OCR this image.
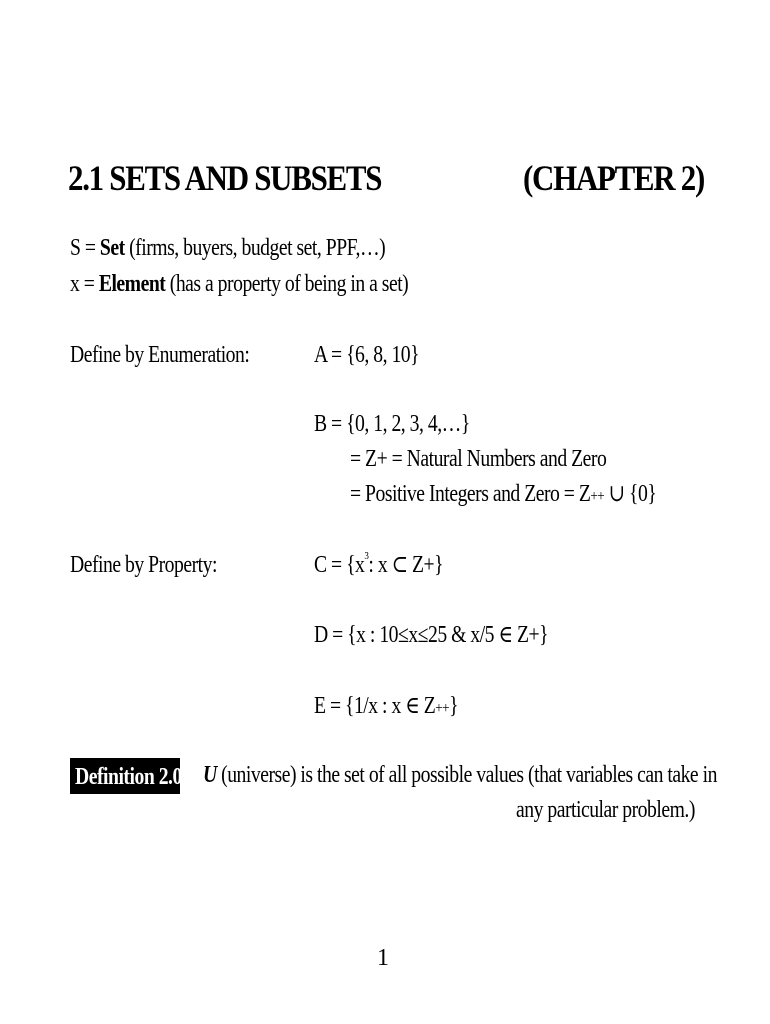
2.1 SETS AND SUBSETS	(CHAPTER 2)
S = Set (firms, buyers, budget set, PPF,…)
x = Element (has a property of being in a set)
Define by Enumeration:	A = {6, 8, 10}
B = {0, 1, 2, 3, 4,…}
= Z+ = Natural Numbers and Zero
= Positive Integers and Zero = Z++ ∪ {0}
Define by Property:	$C = \{x^3$: x ⊂ Z+}
D = {x : 10≤x≤25 & x/5 ∈ Z+}
E = {1/x : x ∈ Z++}
Definition 2.0 U (universe) is the set of all possible values (that variables can take in
any particular problem.)
1
